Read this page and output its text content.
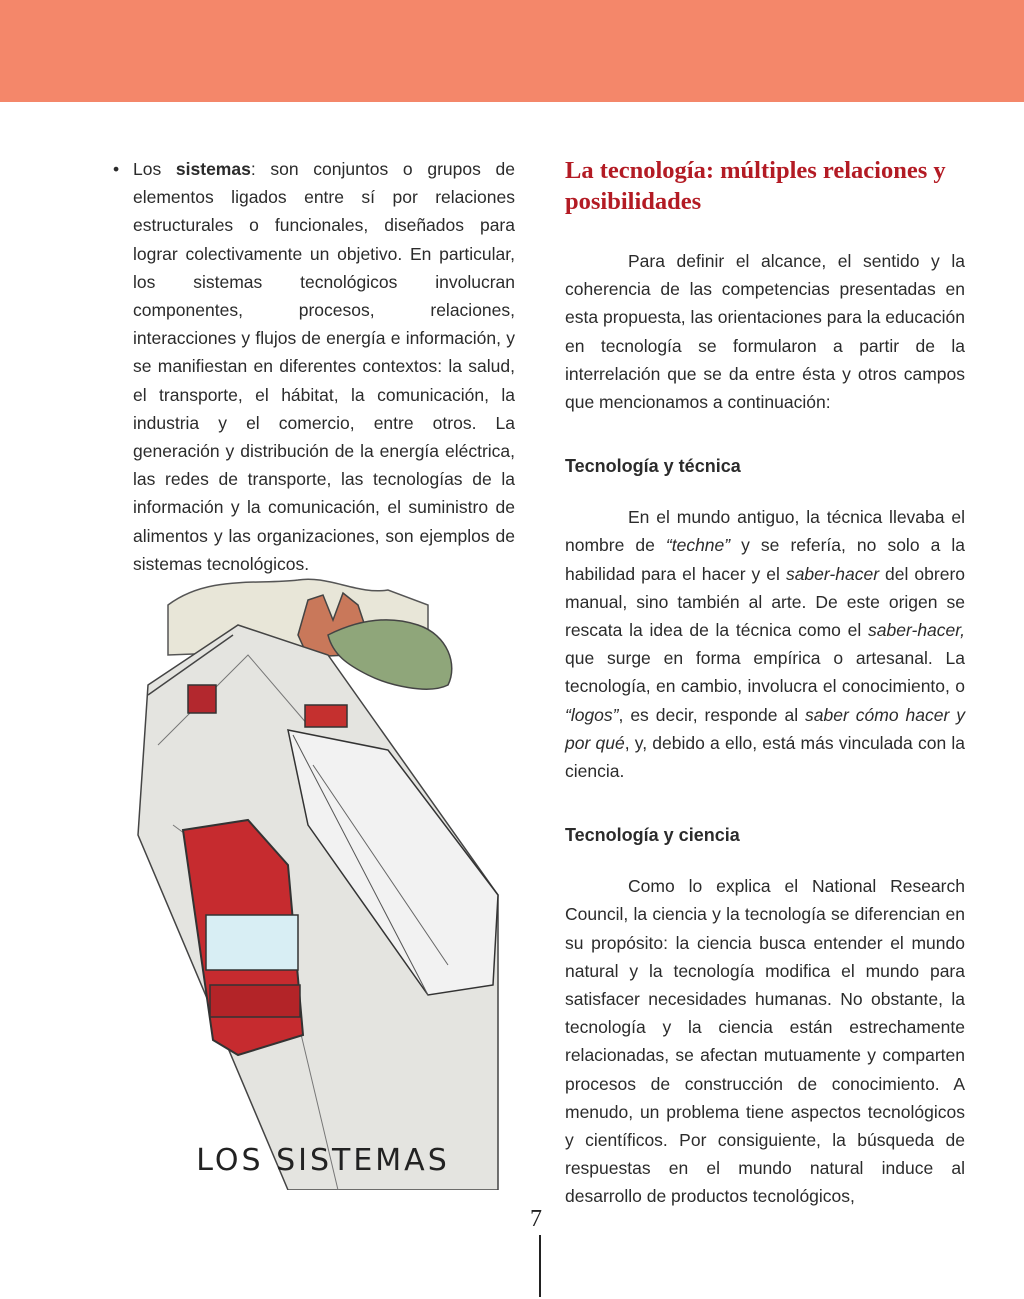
• Los sistemas: son conjuntos o grupos de elementos ligados entre sí por relaciones estructurales o funcionales, diseñados para lograr colectivamente un objetivo. En particular, los sistemas tecnológicos involucran componentes, procesos, relaciones, interacciones y flujos de energía e información, y se manifiestan en diferentes contextos: la salud, el transporte, el hábitat, la comunicación, la industria y el comercio, entre otros. La generación y distribución de la energía eléctrica, las redes de transporte, las tecnologías de la información y la comunicación, el suministro de alimentos y las organizaciones, son ejemplos de sistemas tecnológicos.

LOS SISTEMAS
La tecnología: múltiples relaciones y posibilidades

Para definir el alcance, el sentido y la coherencia de las competencias presentadas en esta propuesta, las orientaciones para la educación en tecnología se formularon a partir de la interrelación que se da entre ésta y otros campos que mencionamos a continuación:

Tecnología y técnica

En el mundo antiguo, la técnica llevaba el nombre de “techne” y se refería, no solo a la habilidad para el hacer y el saber-hacer del obrero manual, sino también al arte. De este origen se rescata la idea de la técnica como el saber-hacer, que surge en forma empírica o artesanal. La tecnología, en cambio, involucra el conocimiento, o “logos”, es decir, responde al saber cómo hacer y por qué, y, debido a ello, está más vinculada con la ciencia.

Tecnología y ciencia

Como lo explica el National Research Council, la ciencia y la tecnología se diferencian en su propósito: la ciencia busca entender el mundo natural y la tecnología modifica el mundo para satisfacer necesidades humanas. No obstante, la tecnología y la ciencia están estrechamente relacionadas, se afectan mutuamente y comparten procesos de construcción de conocimiento. A menudo, un problema tiene aspectos tecnológicos y científicos. Por consiguiente, la búsqueda de respuestas en el mundo natural induce al desarrollo de productos tecnológicos,

7
